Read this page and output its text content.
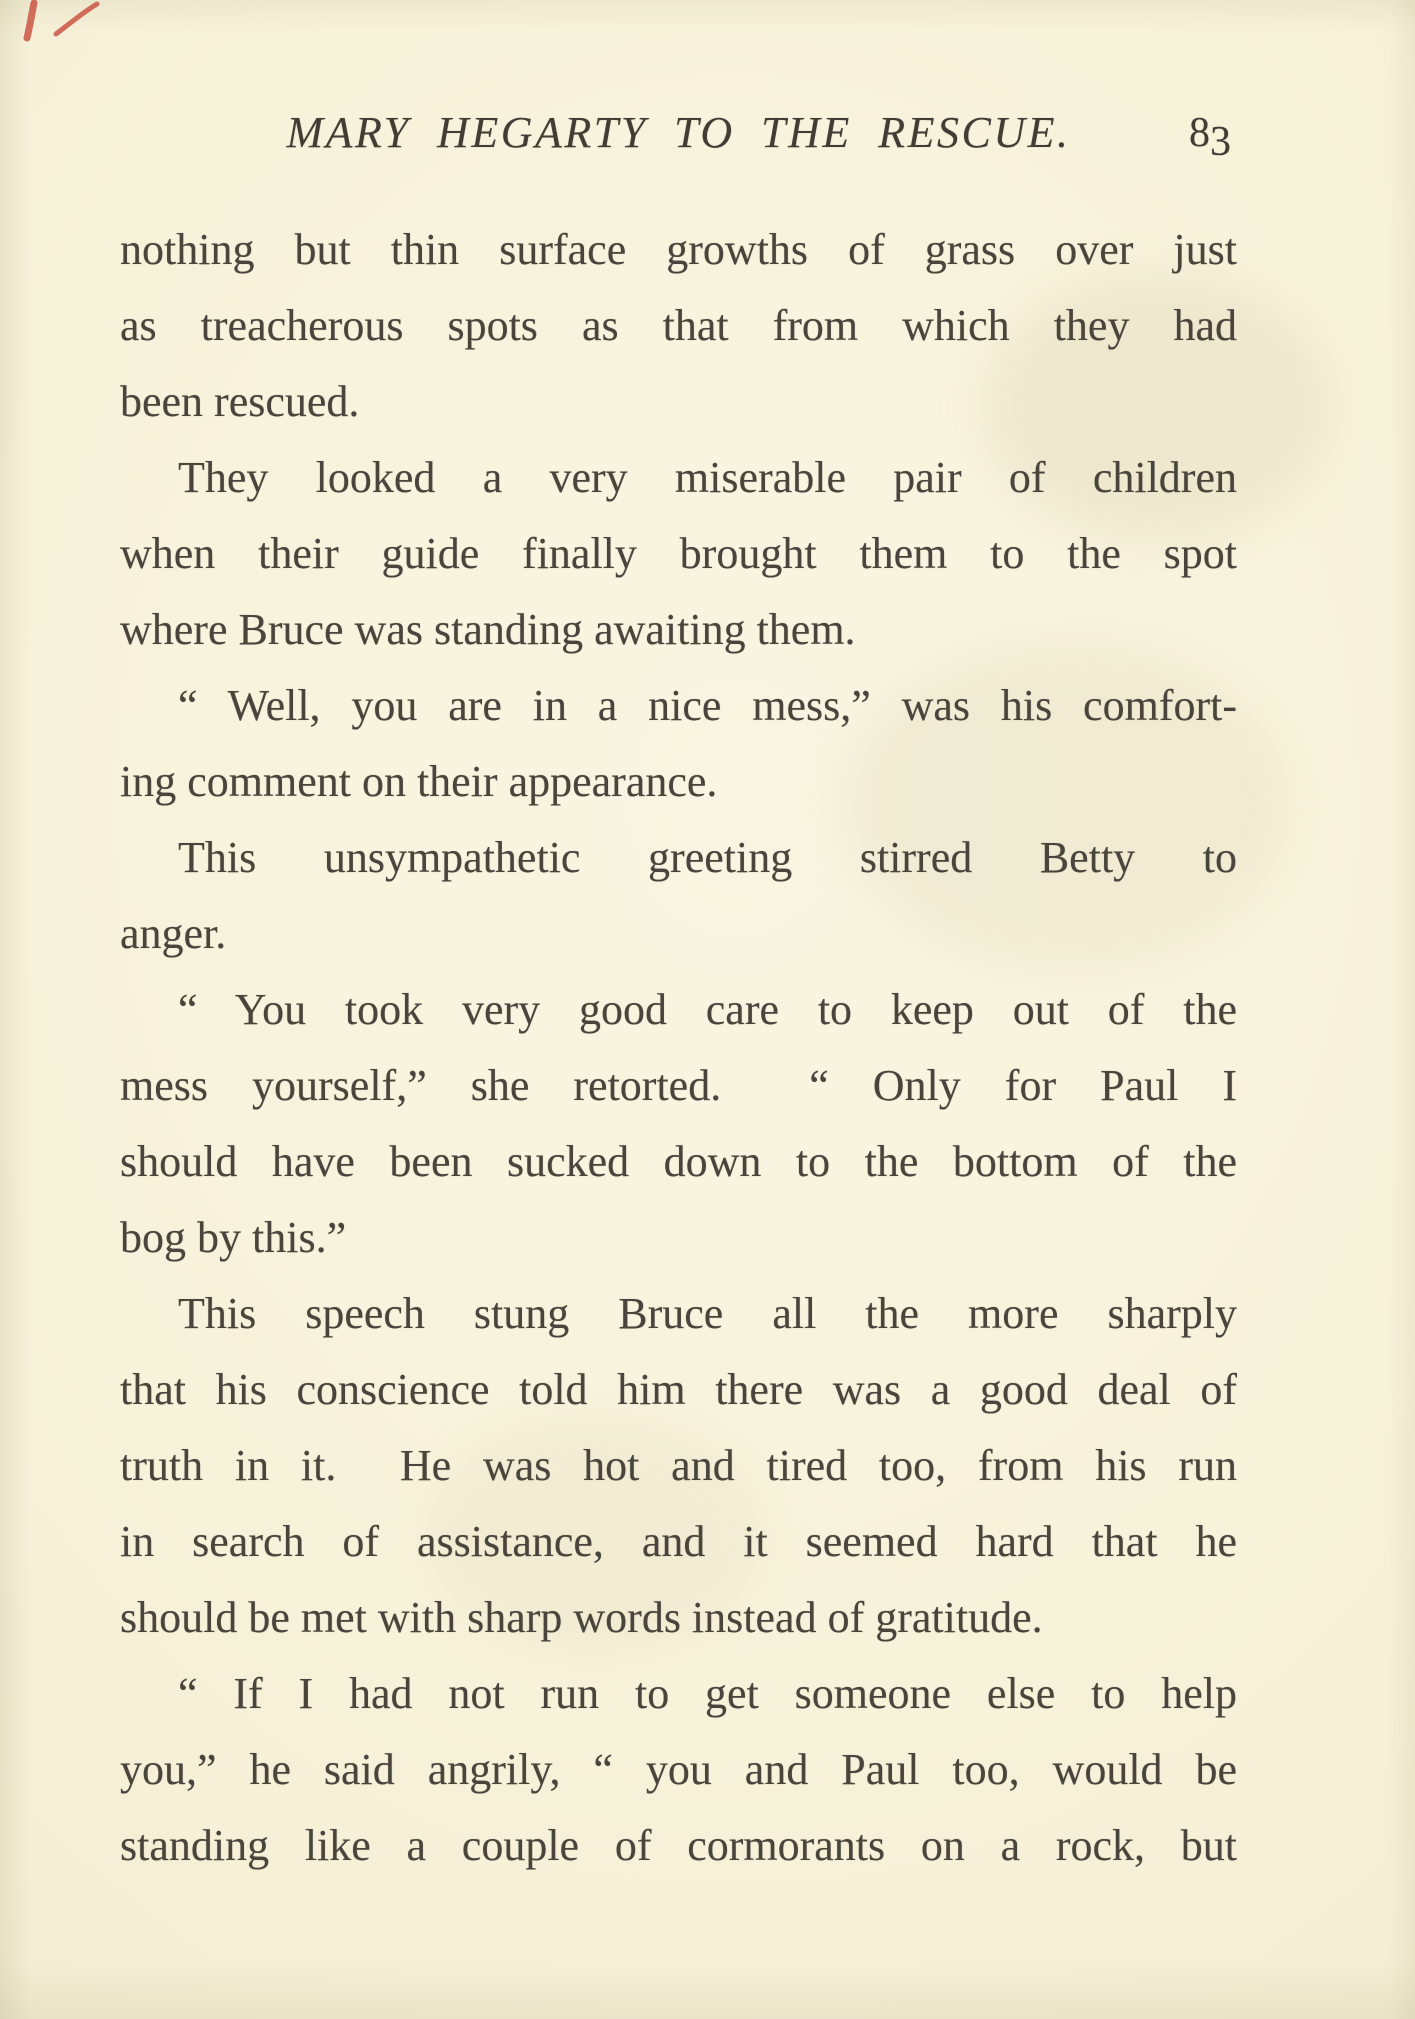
MARY HEGARTY TO THE RESCUE.	83
nothing but thin surface growths of grass over just
as treacherous spots as that from which they had
been rescued.
They looked a very miserable pair of children
when their guide finally brought them to the spot
where Bruce was standing awaiting them.
“ Well, you are in a nice mess,” was his comfort-
ing comment on their appearance.
This unsympathetic greeting stirred Betty to
anger.
“ You took very good care to keep out of the
mess yourself,” she retorted.  “ Only for Paul I
should have been sucked down to the bottom of the
bog by this.”
This speech stung Bruce all the more sharply
that his conscience told him there was a good deal of
truth in it.  He was hot and tired too, from his run
in search of assistance, and it seemed hard that he
should be met with sharp words instead of gratitude.
“ If I had not run to get someone else to help
you,” he said angrily, “ you and Paul too, would be
standing like a couple of cormorants on a rock, but
